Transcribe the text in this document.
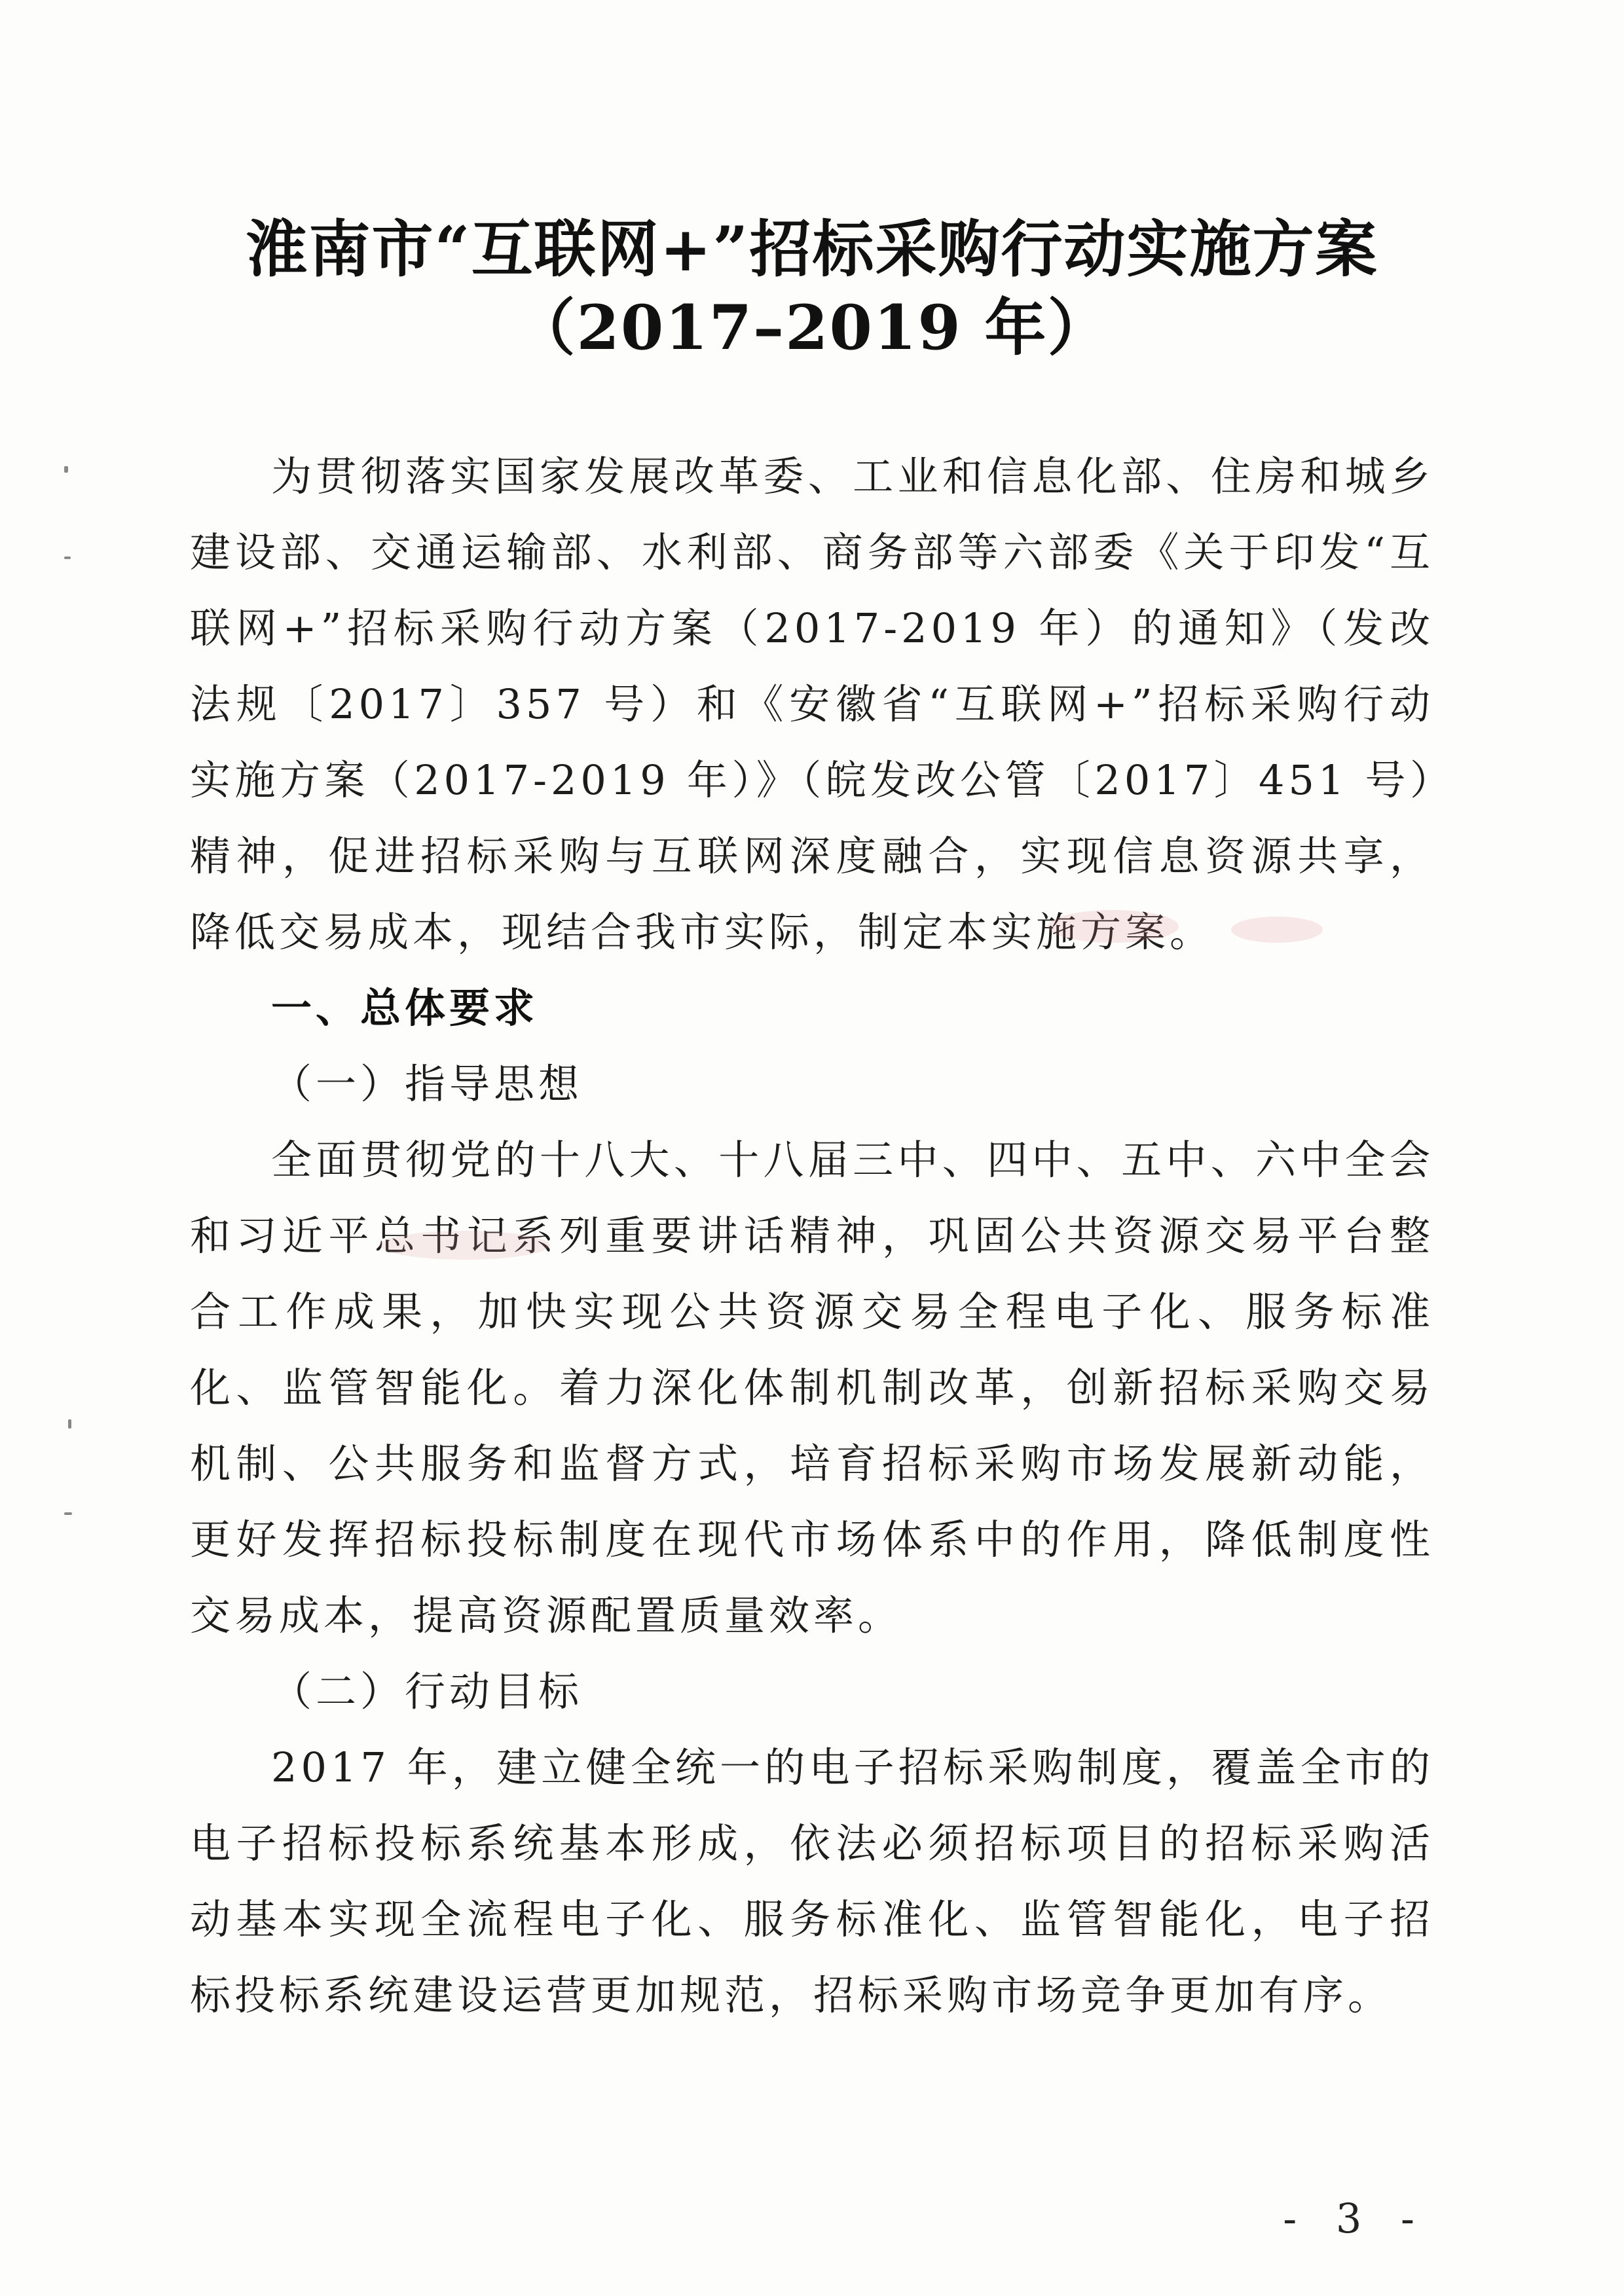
淮南市“互联网+”招标采购行动实施方案
（2017–2019 年）

为贯彻落实国家发展改革委、工业和信息化部、住房和城乡建设部、交通运输部、水利部、商务部等六部委《关于印发“互联网+”招标采购行动方案（2017-2019 年）的通知》（发改法规〔2017〕357 号）和《安徽省“互联网+”招标采购行动实施方案（2017-2019 年）》（皖发改公管〔2017〕451 号）精神，促进招标采购与互联网深度融合，实现信息资源共享，降低交易成本，现结合我市实际，制定本实施方案。

一、总体要求

（一）指导思想

全面贯彻党的十八大、十八届三中、四中、五中、六中全会和习近平总书记系列重要讲话精神，巩固公共资源交易平台整合工作成果，加快实现公共资源交易全程电子化、服务标准化、监管智能化。着力深化体制机制改革，创新招标采购交易机制、公共服务和监督方式，培育招标采购市场发展新动能，更好发挥招标投标制度在现代市场体系中的作用，降低制度性交易成本，提高资源配置质量效率。

（二）行动目标

2017 年，建立健全统一的电子招标采购制度，覆盖全市的电子招标投标系统基本形成，依法必须招标项目的招标采购活动基本实现全流程电子化、服务标准化、监管智能化，电子招标投标系统建设运营更加规范，招标采购市场竞争更加有序。

- 3 -
